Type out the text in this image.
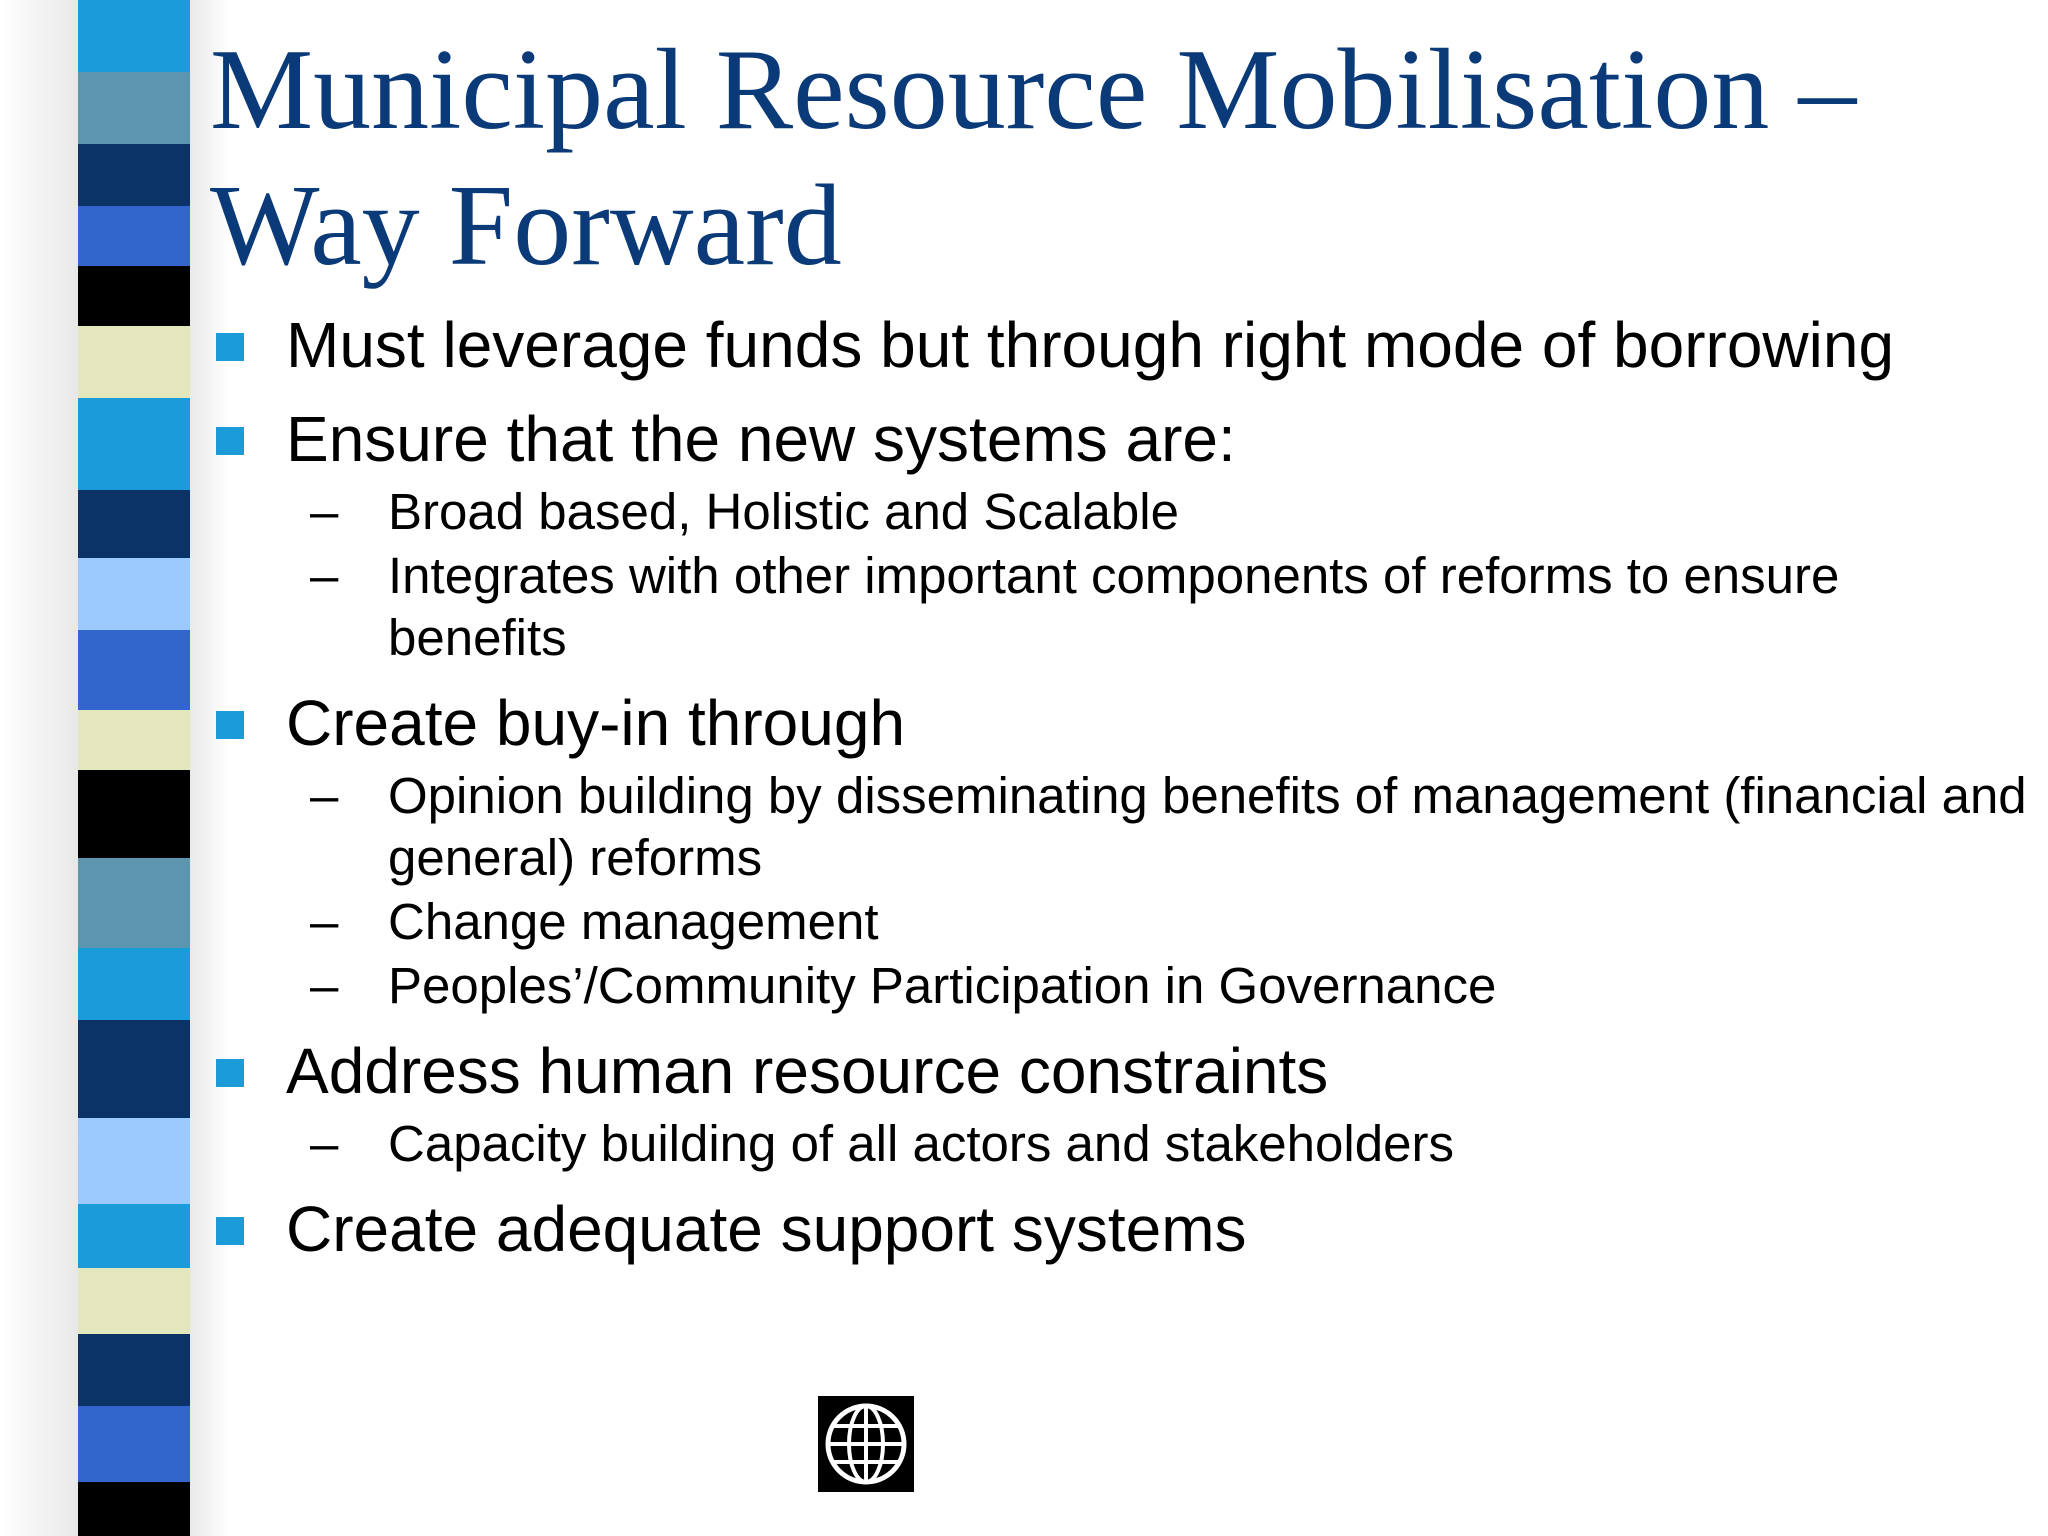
Municipal Resource Mobilisation –
Way Forward
Must leverage funds but through right mode of borrowing
Ensure that the new systems are:
– Broad based, Holistic and Scalable
– Integrates with other important components of reforms to ensure benefits
Create buy-in through
– Opinion building by disseminating benefits of management (financial and general) reforms
– Change management
– Peoples’/Community Participation in Governance
Address human resource constraints
– Capacity building of all actors and stakeholders
Create adequate support systems
